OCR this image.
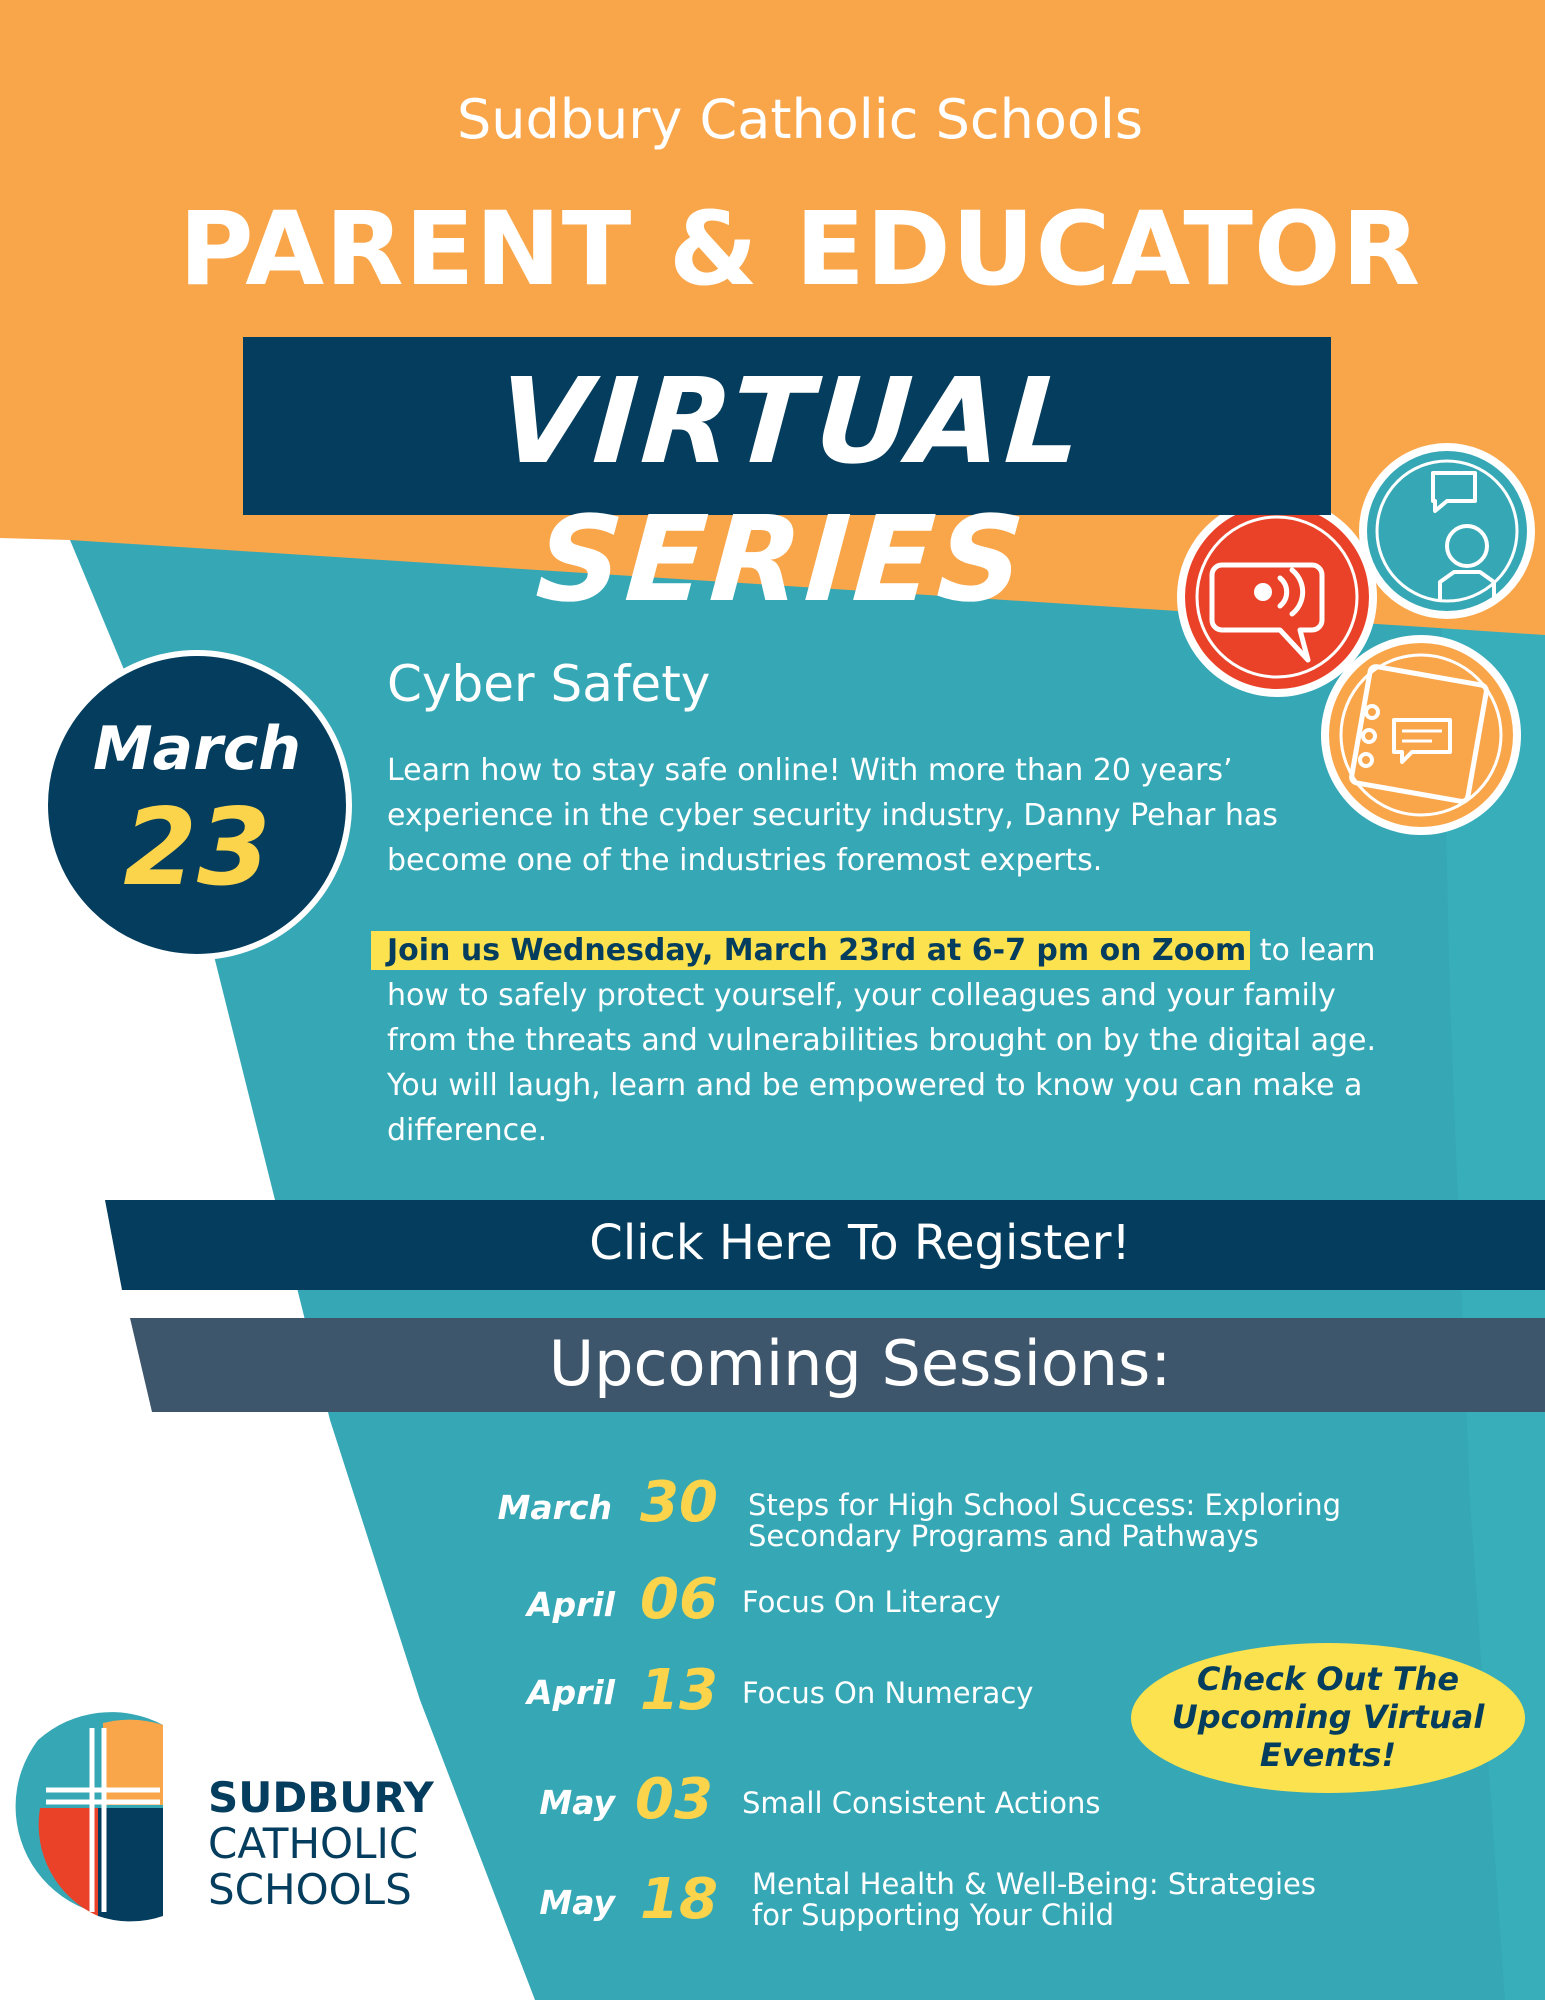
Sudbury Catholic Schools
PARENT & EDUCATOR
VIRTUAL SERIES
March
23
Cyber Safety

Learn how to stay safe online! With more than 20 years’ experience in the cyber security industry, Danny Pehar has become one of the industries foremost experts.

Join us Wednesday, March 23rd at 6-7 pm on Zoom to learn how to safely protect yourself, your colleagues and your family from the threats and vulnerabilities brought on by the digital age. You will laugh, learn and be empowered to know you can make a difference.

Click Here To Register!
Upcoming Sessions:
March 30 Steps for High School Success: Exploring
Secondary Programs and Pathways
April 06 Focus On Literacy
April 13 Focus On Numeracy
May 03 Small Consistent Actions
May 18 Mental Health & Well-Being: Strategies
for Supporting Your Child
Check Out The
Upcoming Virtual
Events!
SUDBURY
CATHOLIC
SCHOOLS
